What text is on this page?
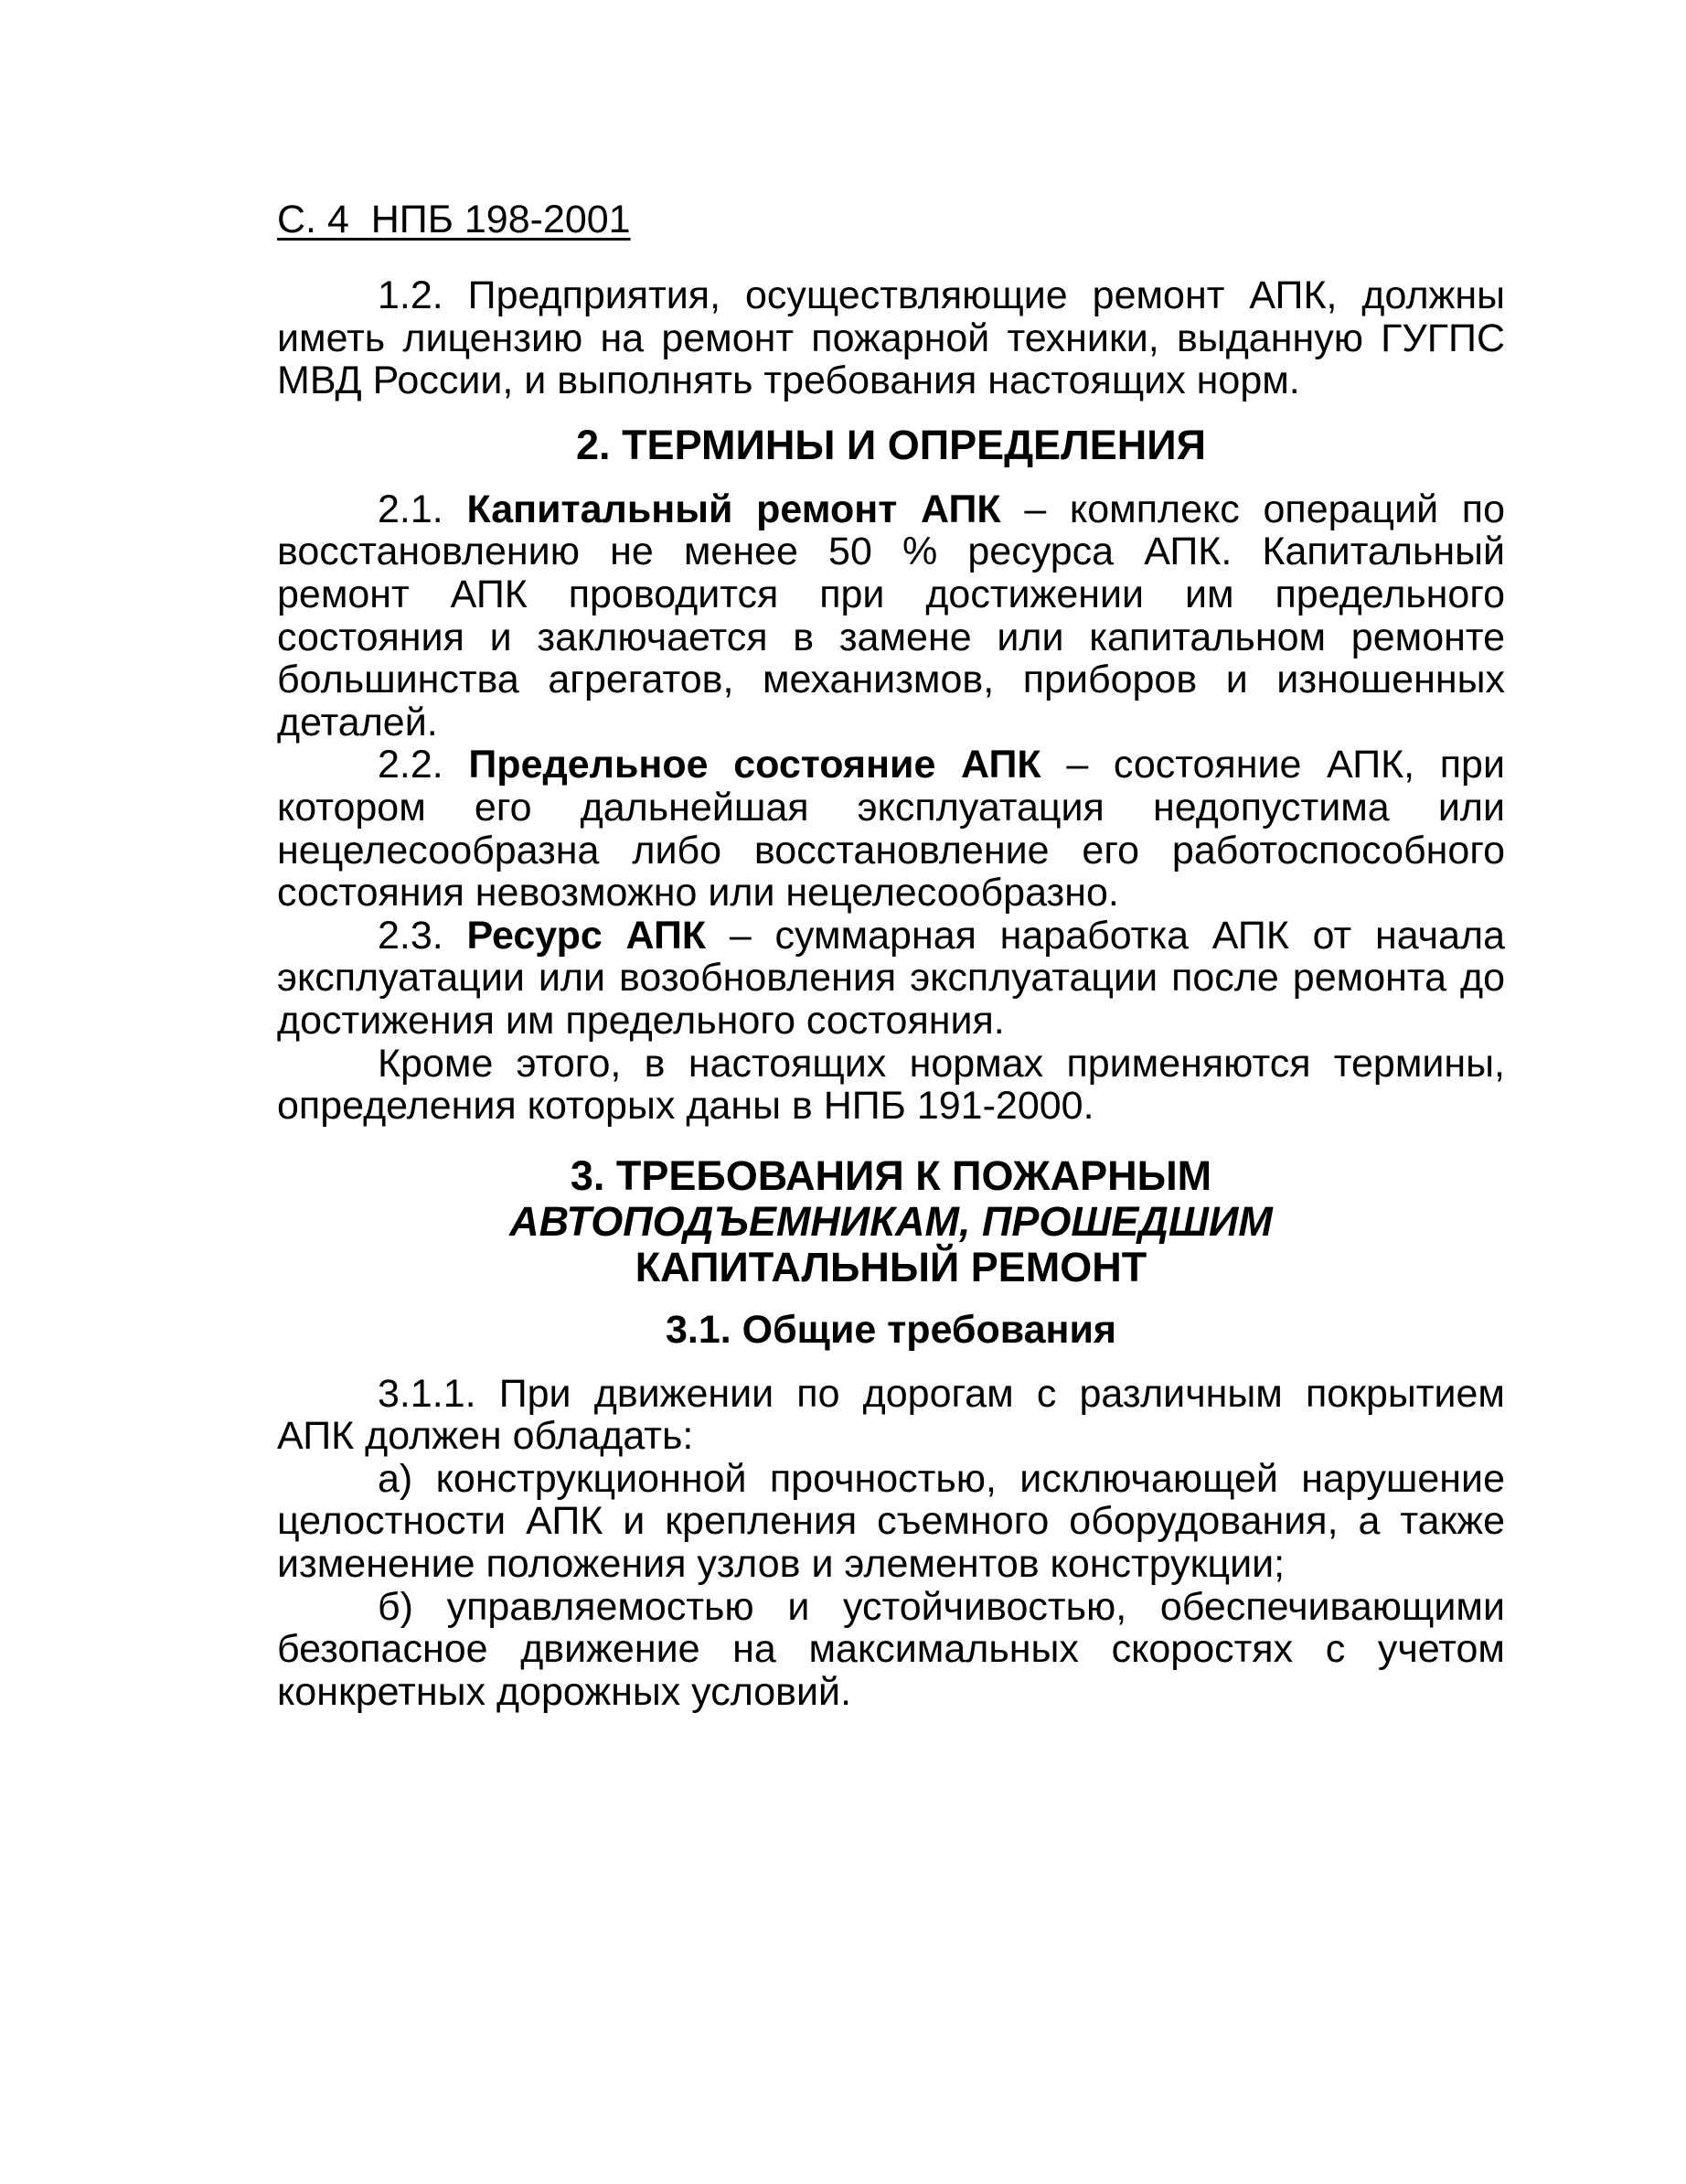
С. 4  НПБ 198-2001

1.2. Предприятия, осуществляющие ремонт АПК, должны иметь лицензию на ремонт пожарной техники, выданную ГУГПС МВД России, и выполнять требования настоящих норм.

2. ТЕРМИНЫ И ОПРЕДЕЛЕНИЯ

2.1. Капитальный ремонт АПК – комплекс операций по восстановлению не менее 50 % ресурса АПК. Капитальный ремонт АПК проводится при достижении им предельного состояния и заключается в замене или капитальном ремонте большинства агрегатов, механизмов, приборов и изношенных деталей.

2.2. Предельное состояние АПК – состояние АПК, при котором его дальнейшая эксплуатация недопустима или нецелесообразна либо восстановление его работоспособного состояния невозможно или нецелесообразно.

2.3. Ресурс АПК – суммарная наработка АПК от начала эксплуатации или возобновления эксплуатации после ремонта до достижения им предельного состояния.

Кроме этого, в настоящих нормах применяются термины, определения которых даны в НПБ 191-2000.

3. ТРЕБОВАНИЯ К ПОЖАРНЫМ
АВТОПОДЪЕМНИКАМ, ПРОШЕДШИМ
КАПИТАЛЬНЫЙ РЕМОНТ
3.1. Общие требования

3.1.1. При движении по дорогам с различным покрытием АПК должен обладать:

а) конструкционной прочностью, исключающей нарушение целостности АПК и крепления съемного оборудования, а также изменение положения узлов и элементов конструкции;

б) управляемостью и устойчивостью, обеспечивающими безопасное движение на максимальных скоростях с учетом конкретных дорожных условий.
